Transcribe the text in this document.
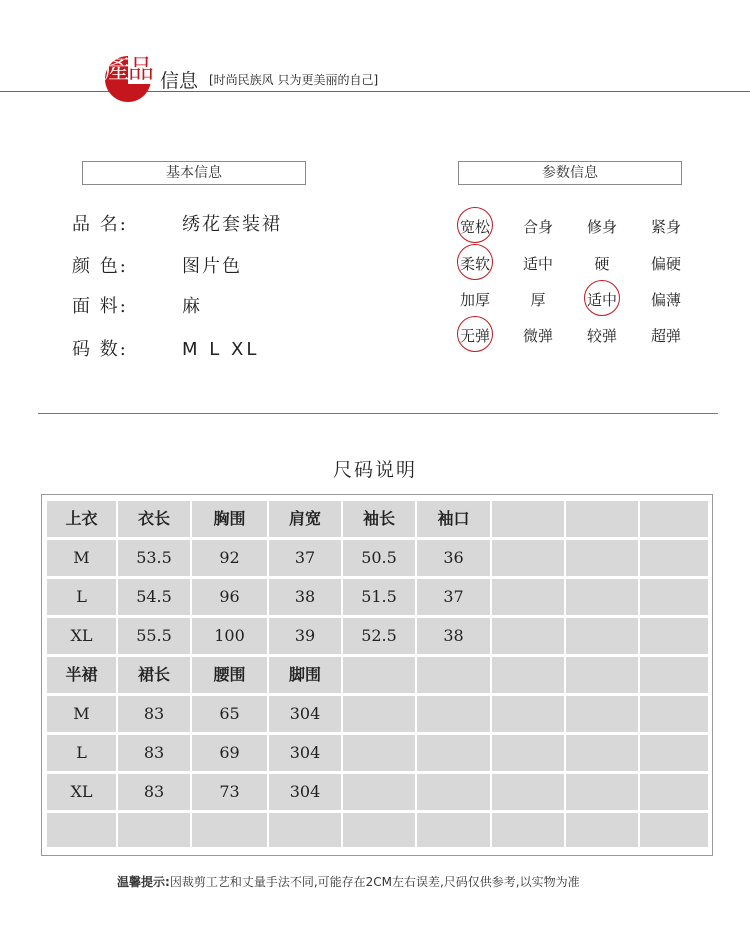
產品 信息 [时尚民族风 只为更美丽的自己]
基本信息
品 名:	绣花套装裙
颜 色:	图片色
面 料:	麻
码 数:	M L XL
参数信息
宽松	合身	修身	紧身
柔软	适中	硬	偏硬
加厚	厚	适中	偏薄
无弹	微弹	较弹	超弹
尺码说明
上衣	衣长	胸围	肩宽	袖长	袖口
M	53.5	92	37	50.5	36
L	54.5	96	38	51.5	37
XL	55.5	100	39	52.5	38
半裙	裙长	腰围	脚围
M	83	65	304
L	83	69	304
XL	83	73	304
温馨提示:因裁剪工艺和丈量手法不同,可能存在2CM左右误差,尺码仅供参考,以实物为准
